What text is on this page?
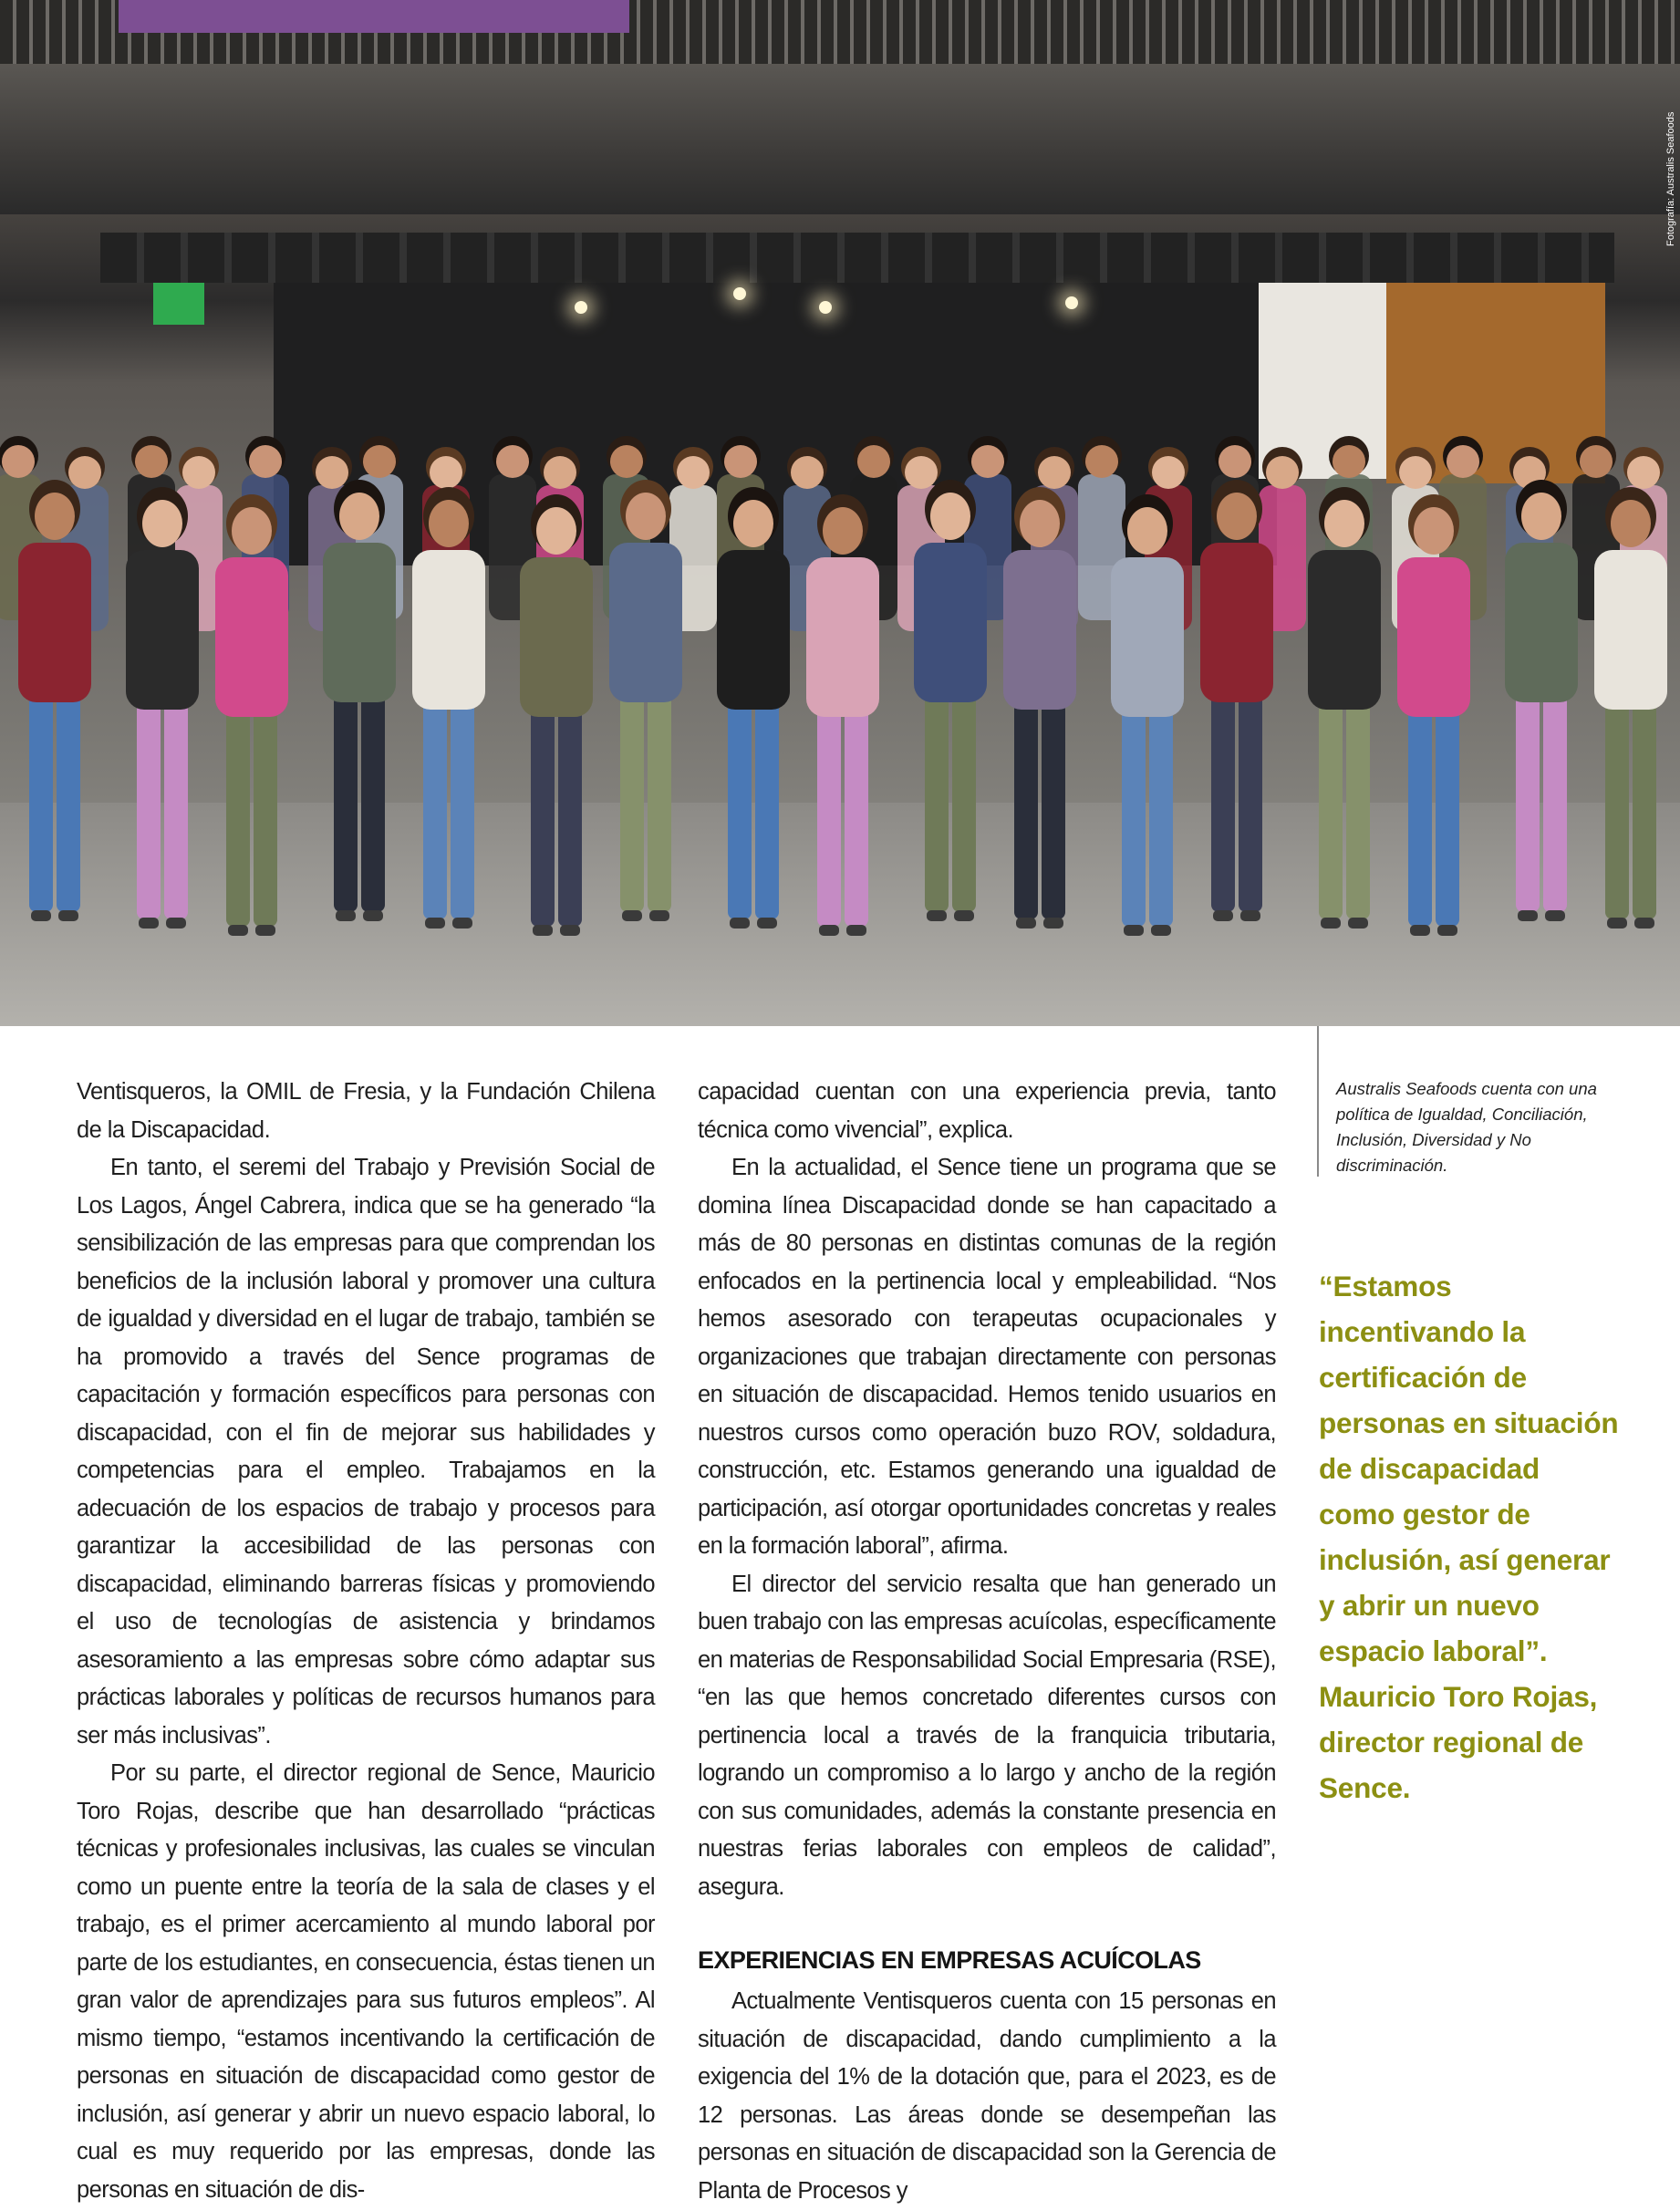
Fotografía: Australis Seafoods

Ventisqueros, la OMIL de Fresia, y la Fundación Chilena de la Discapacidad.

En tanto, el seremi del Trabajo y Previsión Social de Los Lagos, Ángel Cabrera, indica que se ha generado “la sensibilización de las empresas para que comprendan los beneficios de la inclusión laboral y promover una cultura de igualdad y diversidad en el lugar de trabajo, también se ha promovido a través del Sence programas de capacitación y formación específicos para personas con discapacidad, con el fin de mejorar sus habilidades y competencias para el empleo. Trabajamos en la adecuación de los espacios de trabajo y procesos para garantizar la accesibilidad de las personas con discapacidad, eliminando barreras físicas y promoviendo el uso de tecnologías de asistencia y brindamos asesoramiento a las empresas sobre cómo adaptar sus prácticas laborales y políticas de recursos humanos para ser más inclusivas”.

Por su parte, el director regional de Sence, Mauricio Toro Rojas, describe que han desarrollado “prácticas técnicas y profesionales inclusivas, las cuales se vinculan como un puente entre la teoría de la sala de clases y el trabajo, es el primer acercamiento al mundo laboral por parte de los estudiantes, en consecuencia, éstas tienen un gran valor de aprendizajes para sus futuros empleos”. Al mismo tiempo, “estamos incentivando la certificación de personas en situación de discapacidad como gestor de inclusión, así generar y abrir un nuevo espacio laboral, lo cual es muy requerido por las empresas, donde las personas en situación de dis-

capacidad cuentan con una experiencia previa, tanto técnica como vivencial”, explica.

En la actualidad, el Sence tiene un programa que se domina línea Discapacidad donde se han capacitado a más de 80 personas en distintas comunas de la región enfocados en la pertinencia local y empleabilidad. “Nos hemos asesorado con terapeutas ocupacionales y organizaciones que trabajan directamente con personas en situación de discapacidad. Hemos tenido usuarios en nuestros cursos como operación buzo ROV, soldadura, construcción, etc. Estamos generando una igualdad de participación, así otorgar oportunidades concretas y reales en la formación laboral”, afirma.

El director del servicio resalta que han generado un buen trabajo con las empresas acuícolas, específicamente en materias de Responsabilidad Social Empresaria (RSE), “en las que hemos concretado diferentes cursos con pertinencia local a través de la franquicia tributaria, logrando un compromiso a lo largo y ancho de la región con sus comunidades, además la constante presencia en nuestras ferias laborales con empleos de calidad”, asegura.

EXPERIENCIAS EN EMPRESAS ACUÍCOLAS

Actualmente Ventisqueros cuenta con 15 personas en situación de discapacidad, dando cumplimiento a la exigencia del 1% de la dotación que, para el 2023, es de 12 personas. Las áreas donde se desempeñan las personas en situación de discapacidad son la Gerencia de Planta de Procesos y

Australis Seafoods cuenta con una política de Igualdad, Conciliación, Inclusión, Diversidad y No discriminación.
“Estamos incentivando la certificación de personas en situación de discapacidad como gestor de inclusión, así generar y abrir un nuevo espacio laboral”. Mauricio Toro Rojas, director regional de Sence.
